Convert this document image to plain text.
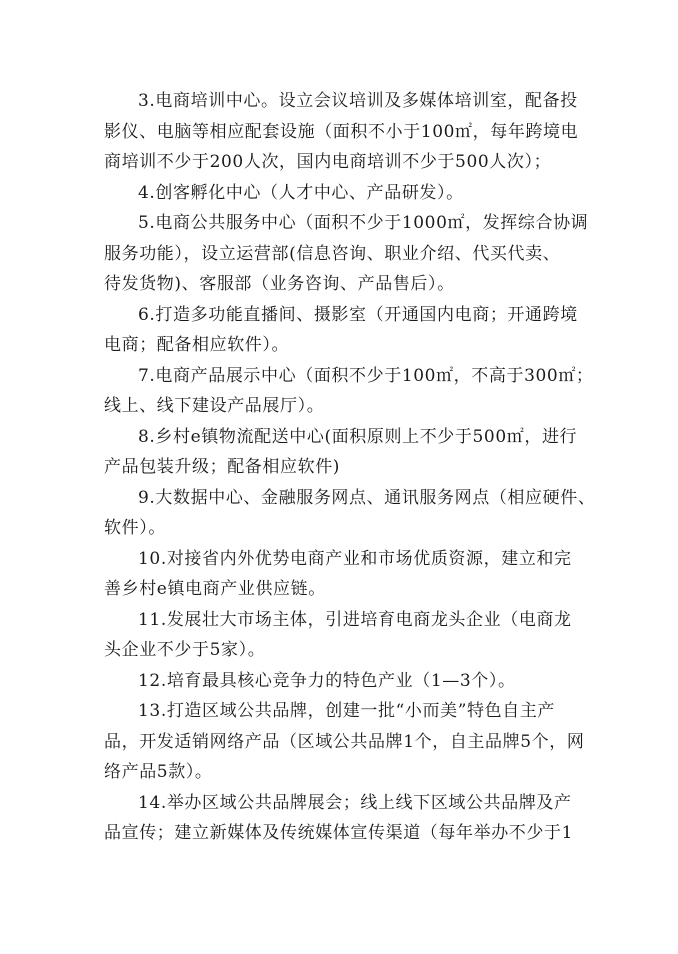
3.电商培训中心。设立会议培训及多媒体培训室，配备投
影仪、电脑等相应配套设施（面积不小于100㎡，每年跨境电
商培训不少于200人次，国内电商培训不少于500人次）；

4.创客孵化中心（人才中心、产品研发）。

5.电商公共服务中心（面积不少于1000㎡，发挥综合协调
服务功能），设立运营部(信息咨询、职业介绍、代买代卖、
待发货物)、客服部（业务咨询、产品售后）。

6.打造多功能直播间、摄影室（开通国内电商；开通跨境
电商；配备相应软件）。

7.电商产品展示中心（面积不少于100㎡，不高于300㎡；
线上、线下建设产品展厅）。

8.乡村e镇物流配送中心(面积原则上不少于500㎡，进行
产品包装升级；配备相应软件)

9.大数据中心、金融服务网点、通讯服务网点（相应硬件、
软件）。

10.对接省内外优势电商产业和市场优质资源，建立和完
善乡村e镇电商产业供应链。

11.发展壮大市场主体，引进培育电商龙头企业（电商龙
头企业不少于5家）。

12.培育最具核心竞争力的特色产业（1—3个）。

13.打造区域公共品牌，创建一批“小而美”特色自主产
品，开发适销网络产品（区域公共品牌1个，自主品牌5个，网
络产品5款）。

14.举办区域公共品牌展会；线上线下区域公共品牌及产
品宣传；建立新媒体及传统媒体宣传渠道（每年举办不少于1
